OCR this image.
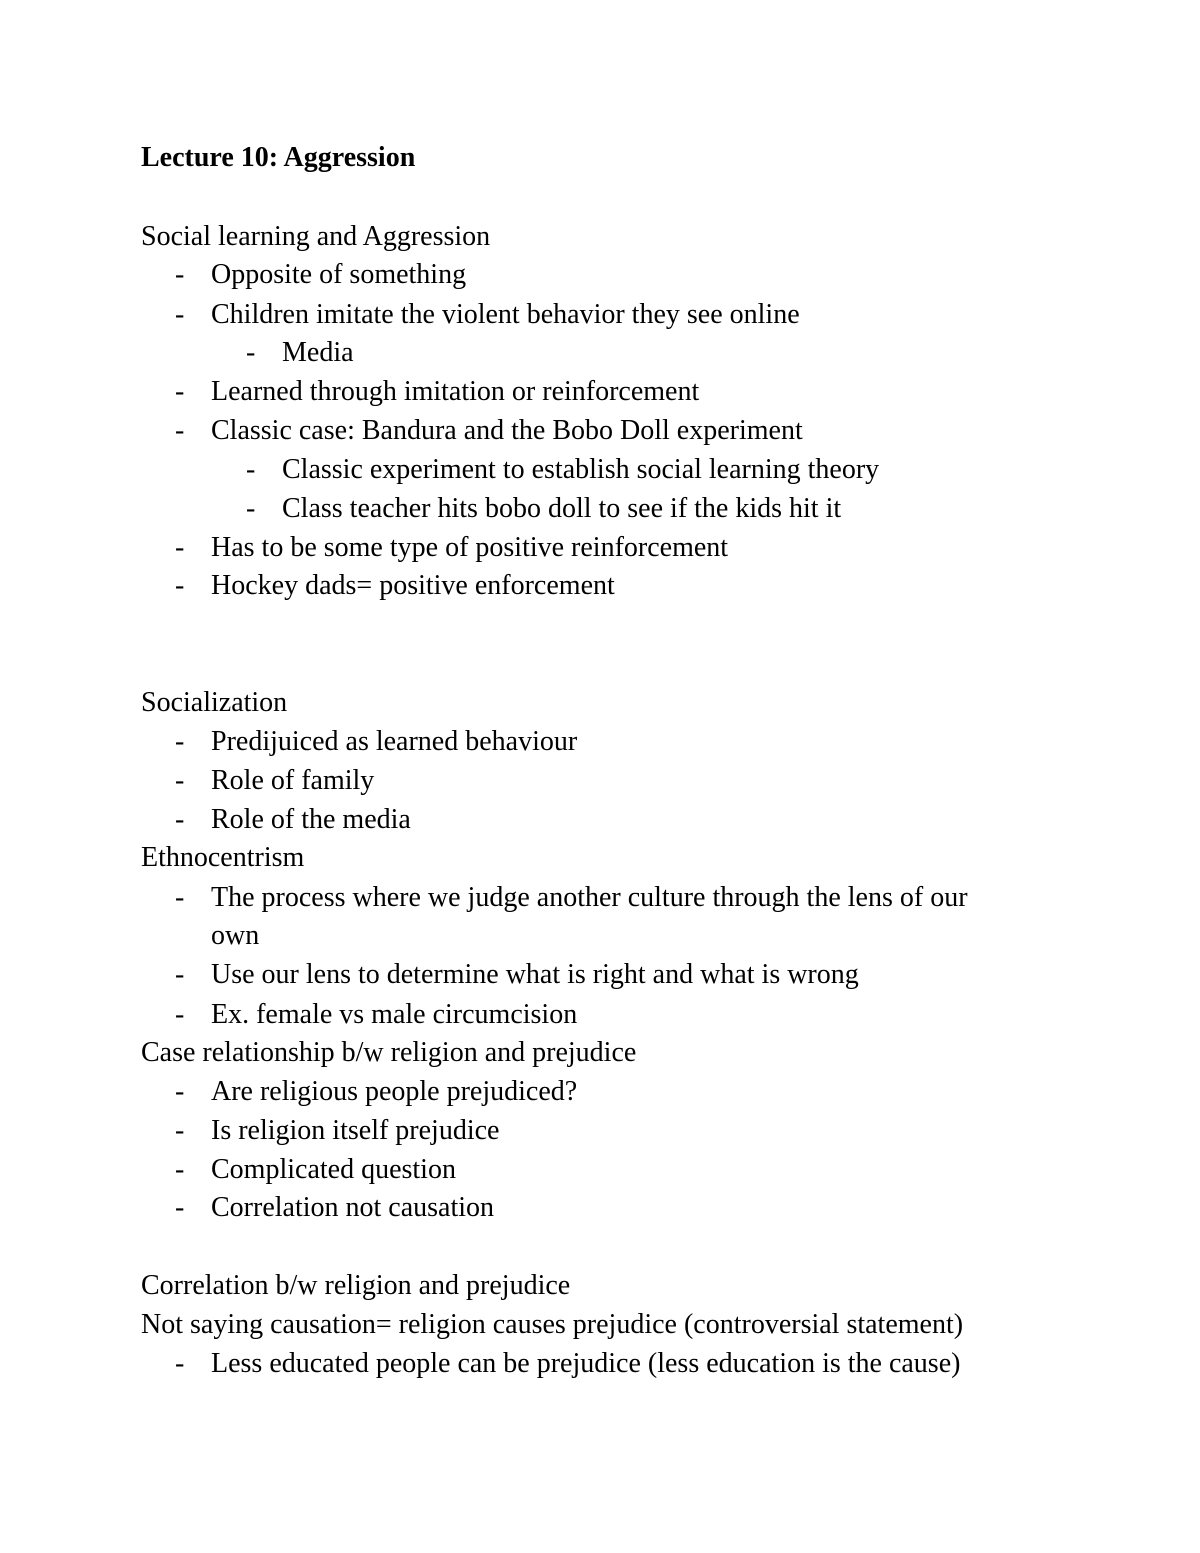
Lecture 10: Aggression
Social learning and Aggression
- Opposite of something
- Children imitate the violent behavior they see online
- Media
- Learned through imitation or reinforcement
- Classic case: Bandura and the Bobo Doll experiment
- Classic experiment to establish social learning theory
- Class teacher hits bobo doll to see if the kids hit it
- Has to be some type of positive reinforcement
- Hockey dads= positive enforcement
Socialization
- Predijuiced as learned behaviour
- Role of family
- Role of the media
Ethnocentrism
- The process where we judge another culture through the lens of our
own
- Use our lens to determine what is right and what is wrong
- Ex. female vs male circumcision
Case relationship b/w religion and prejudice
- Are religious people prejudiced?
- Is religion itself prejudice
- Complicated question
- Correlation not causation
Correlation b/w religion and prejudice
Not saying causation= religion causes prejudice (controversial statement)
- Less educated people can be prejudice (less education is the cause)
